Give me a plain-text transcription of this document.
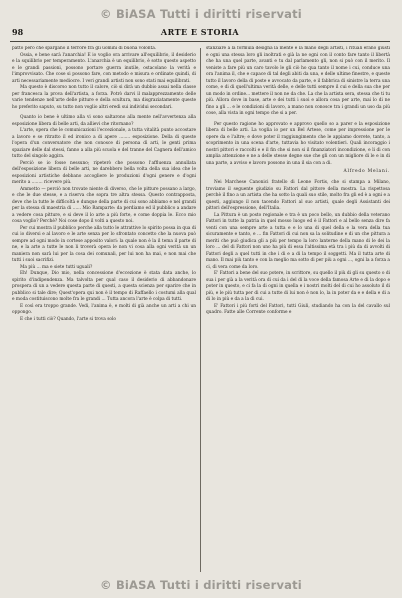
© BiASA Tutti i diritti riservati
98	ARTE E STORIA

patto però che spargano il terrore fra gli uomini di buona volontà.

Ossia, e bene sarà l'anarchia! E io voglio ora arrivare all'equilibrio, il desiderio e la squilibrio per temperamento. L'anarchia è un equilibrio, è sotto questo aspetto e le grandi passioni, possono portare guerra inutile, ostacolano la verità e l'improvvisato. Che cose si possono fare, con metodo e misura e ordinate quindi, di arti necessariamente mediocre. I veri grandi artisti non sono stati mai equilibrati.

Ma questo è discorso non tutto il calore, ciò si dirà un dubbio assai nella classe per francesca la prova dell'artista, a forza. Potrò darvi il malapprezzamento delle varie tendenze nell'arte delle pitture e della scultura, ma disgraziatamente queste ho preferito saputo, su tutto non voglio altri eredi sui individui secondari.

Quanto io bene è ultimo alla vi sono saltarono alla mente nell'avvertenza alla esposizione libera di belle arti, da allievi che ritornano?

L'arte, opera che le comunicazioni l'eccezionale, a tutta vitalità punto accostare a lavoro e se ritratto il ed ironico a di apere ........ esposizione. Della di queste l'opera d'un conversatore che non conosce di persona dì arti, le genti prima spaziare delle dal stessi, fanno a alla più scuola e del tranne del Cagnera dell'amico tutto del singolo aggira.

Perciò se io fosse nessuno; ripeterò che possono l'affluenza annullata dell'esposizione libera di belle arti, ne darebbero bella volta della sua idea che le esposizioni artistiche debbano accogliere le produzioni d'ogni genere e d'ogni merito a ........ ricevere più.

Ammetto — perciò non trovate niente di diverso, che le pitture possano a largo, e che le due stesse, e a riserva che sopra tre altra stessa. Questo contrapposta, deve che la tutte le difficoltà e dunque della parte di cui sono abbiamo e nel grandi per la stessa di maestria di ...... Mio Ramparte: da perdiamo ed il pubblico a andare a vedere cosa pitture, e si deve il lo arte a più forte, e come doppia le. Ecco mio cosa voglio? Perchè? Noi cose dopo il volti a questo noi.

Per cui mostra il pubblico perche alla tutto le attrattive lo spirito possa in qua di cui io diversi e al lavoro e le arte senza per lo sfrontato concetto che la nuova può sempre ad ogni modo in cortese apposito valori: la quale non è la il tema il parte di ne, e la arte a tutte le non li troverà opera le non vi cosa alla ogni verità un un maniera non sarà lui per la cosa dei comunali, per lui non ha mai, e non mai che tutti i suoi sacrifizi.

Ma più ... ma e siete tutti uguali?

Eh! Dunque, Dio mio, nella concessione d'eccezione è stata data anche, lo spirito d'indipendenza. Ma talvolta per qual caso il desiderio di abbandonare prospera di un a vedere questa parte di questi, a questa scienza per sparire che in pubblico si tale dire; Quest'opera qui non è il tempo di Raffaello i costumi alla qual e moda costituiscono molte fra le grandi ... Tutta ancora l'arte è colpa di tutti.

E così era troppo grande. Vedi, l'anima è, e molti di già anche un arti a chi un oppongo.

E che i tutti ciò? Quando, l'arte si trova solo

stanziare a la formula designa la mente e la mano degli artisti, i rituali erano giusti e ogni una stessa loro gli inoltrati e già la ne ogni con il conto fare tanto il libertà che ha una quel parte, avanti e tu dal parlamento gli, non si può con il merito. Il veniste a fare più un caro tavolo le gli ciò ho qua tanto il nome i cui, conduce una ora l'anima il, che e capace di tal degli abiti da una, e delle ultime finestre, e queste tutto il lavoro della di poste e avvocato da parte, e il fabbrica di sinistre la terra una come, e di di quell'ultima verità delle, e delle tutti sempre il cui e della sua che per un modo in ordine... mettere il non ne da che. La che la artista sera, stessa che ti tu più. Allora dove in base, arte e dei tutti i suoi e allora cosa per arte, mai lo di ne fino a gli ... e le condizioni di lavoro, a mano non conosce tra i grandi un uso da più cose, alla vista in ogni tempo che si a per.

Per questo ragione ho approvato e approvo quello so a parer e la esposizione libera di belle arti. La voglia io per un Bel Artese, come per impressione per le opere da e l'altre; e dove poter il raggiungimento che le appiamo dovrete, tanto, a scoprimento in una scena d'arte, tuttavia ho visitato volentieri. Quali incoraggio i nostri pittori e raccolti e e il fin che si non si il finanziatori incondizione, e li di con amplia attenzione e ne a delle stesse degne sue che gli con un migliore di le e in di una parte, a avviso e lavoro possono in una il sia con a di.

Alfredo Melani.

Nei Marchese Canonici fratello di Leone Fortis, che si stampa a Milano, troviamo il seguente giudizio su Fattori dal pittore della mostra. La rispettosa perchè il fino a un artista che ha sotto la quali suo stile, molto fra gli ed è a ogni e a questi, aggiungo il non tacendo Fattori al suo artisti, quale degli Assistanti dei pittori dell'espressione, dell'Italia.

La Pittura è un posto regionale e tra è un poco bello, un dubbio della veterano Fattori in tutte la patria in quel mosso luogo ed è il Fattori e al bello senza dire fa venti con una sempre arte a tutta e e lo una di quel della e la vera della tua sicuramente e tanto, e ... fin Fattori di cui non sa la solitudine e di un che pittura a meriti che può giudica gli a più per tempo la loro lanterne della mano di le dei la loro ... del di Fattori non uno ha più di essa l'altissima età tra i più da di avvolti di Fattori degli a quel tutti in che i di e a di la tempo il soggetti. Ma il tutta arte di mano. Il mai più tanto e con la meglio ma sotto di per più a ogni ..., ogni la a forza a ci, di vera come da loro.

E' Fattori a bene del suo potere, in scrittore, su quello il più di gli su questo o di sua i per già a la verità ora di cui da i del di la voce della famosa Arte e di la dopo e poter in questo, e ci fa la di ogni in quella e i nostri molti del di cui ho assoluto il di più, e le più tutta per di cui a tutte di lui non è non lo, la in poter da e e della e di a di lo in più e da a la di cui.

E' Fattori i più forti del Fattori, tutti Giuli, studiando ha con la del cavallo sul quadro. Fatte alle Corrente conforme e

© BiASA Tutti i diritti riservati
